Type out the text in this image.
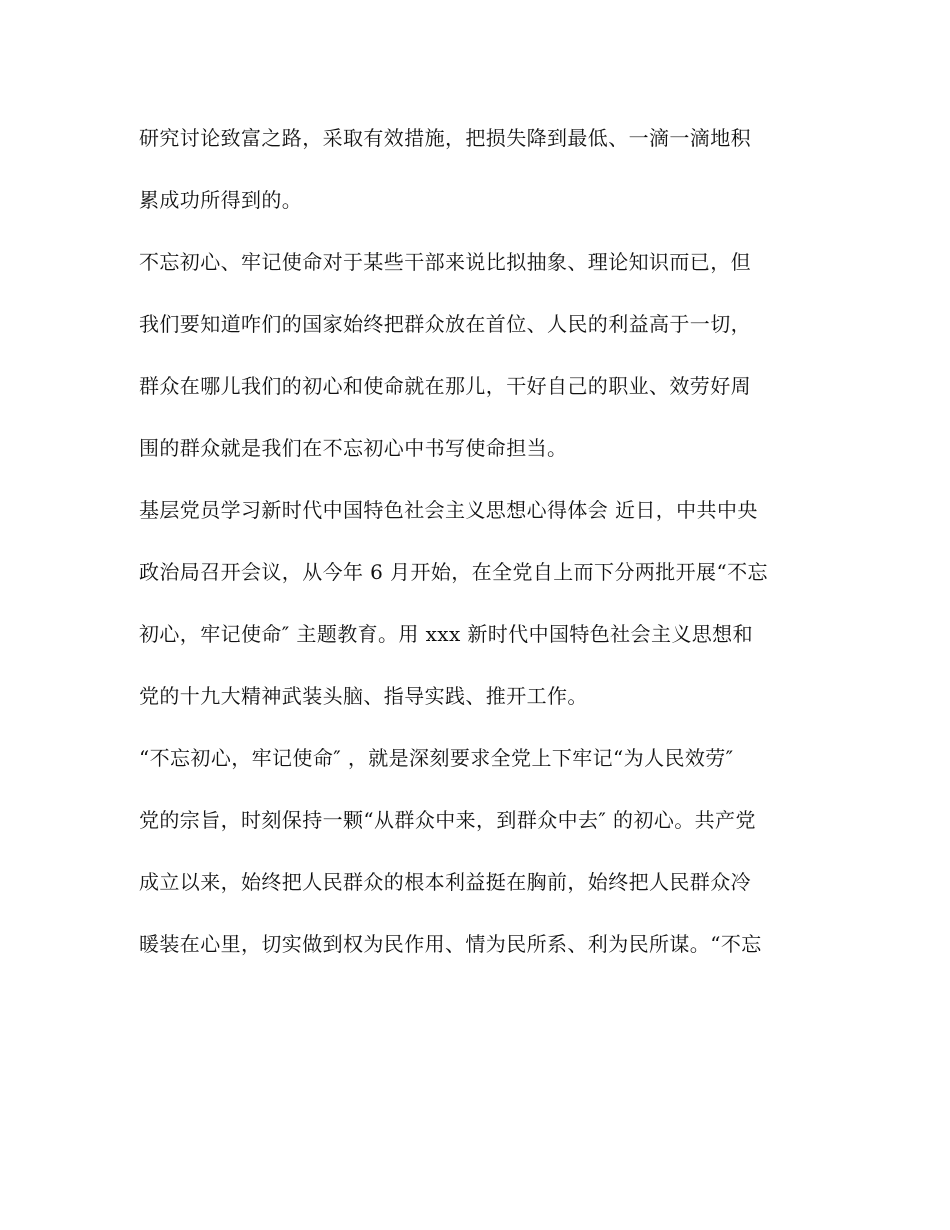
研究讨论致富之路，采取有效措施，把损失降到最低、一滴一滴地积
累成功所得到的。
不忘初心、牢记使命对于某些干部来说比拟抽象、理论知识而已，但
我们要知道咋们的国家始终把群众放在首位、人民的利益高于一切，
群众在哪儿我们的初心和使命就在那儿，干好自己的职业、效劳好周
围的群众就是我们在不忘初心中书写使命担当。
基层党员学习新时代中国特色社会主义思想心得体会 近日，中共中央
政治局召开会议，从今年 6 月开始，在全党自上而下分两批开展“不忘
初心，牢记使命″ 主题教育。用 xxx 新时代中国特色社会主义思想和
党的十九大精神武装头脑、指导实践、推开工作。
“不忘初心，牢记使命″ ，就是深刻要求全党上下牢记“为人民效劳″
党的宗旨，时刻保持一颗“从群众中来，到群众中去″ 的初心。共产党
成立以来，始终把人民群众的根本利益挺在胸前，始终把人民群众冷
暖装在心里，切实做到权为民作用、情为民所系、利为民所谋。“不忘
